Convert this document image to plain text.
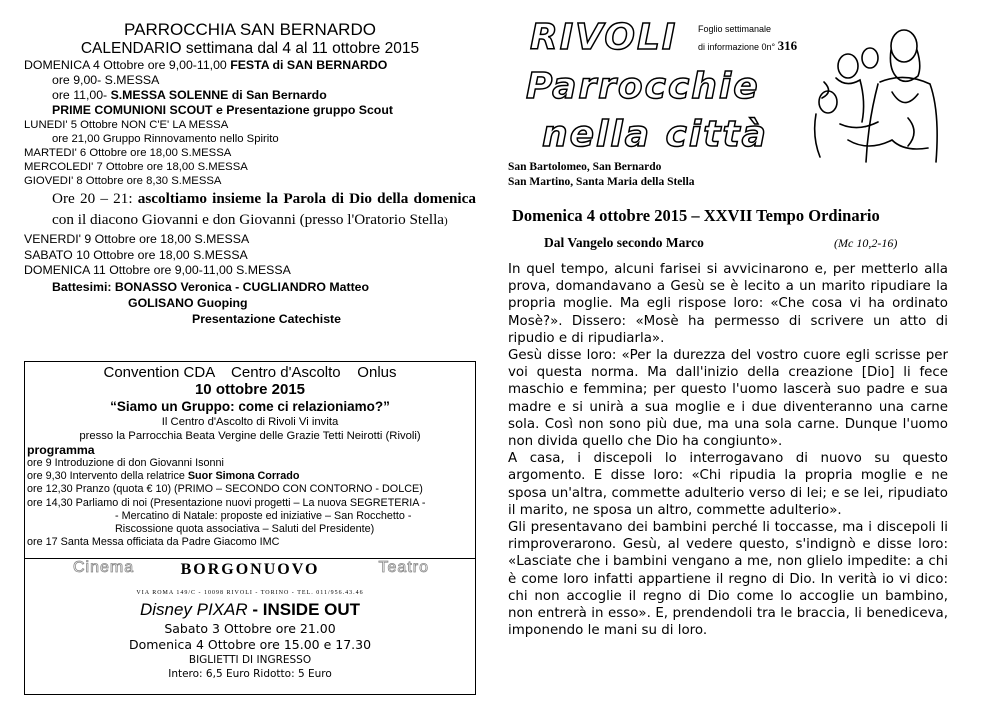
PARROCCHIA SAN BERNARDO
CALENDARIO settimana dal 4 al 11 ottobre 2015
DOMENICA 4 Ottobre ore 9,00-11,00 FESTA di SAN BERNARDO
ore 9,00- S.MESSA
ore 11,00- S.MESSA SOLENNE di San Bernardo
PRIME COMUNIONI SCOUT e Presentazione gruppo Scout
LUNEDI' 5 Ottobre NON C'E' LA MESSA
ore 21,00 Gruppo Rinnovamento nello Spirito
MARTEDI' 6 Ottobre ore 18,00 S.MESSA
MERCOLEDI' 7 Ottobre ore 18,00 S.MESSA
GIOVEDI' 8 Ottobre ore 8,30 S.MESSA
Ore 20 – 21: ascoltiamo insieme la Parola di Dio della domenica con il diacono Giovanni e don Giovanni (presso l'Oratorio Stella)
VENERDI' 9 Ottobre ore 18,00 S.MESSA
SABATO 10 Ottobre ore 18,00 S.MESSA
DOMENICA 11 Ottobre ore 9,00-11,00 S.MESSA
Battesimi: BONASSO Veronica - CUGLIANDRO Matteo
GOLISANO Guoping
Presentazione Catechiste
Convention CDA    Centro d'Ascolto    Onlus
10 ottobre 2015
“Siamo un Gruppo: come ci relazioniamo?”
Il Centro d'Ascolto di Rivoli Vi invita
presso la Parrocchia Beata Vergine delle Grazie Tetti Neirotti (Rivoli)
programma
ore 9 Introduzione di don Giovanni Isonni
ore 9,30 Intervento della relatrice Suor Simona Corrado
ore 12,30 Pranzo (quota € 10) (PRIMO – SECONDO CON CONTORNO - DOLCE)
ore 14,30 Parliamo di noi (Presentazione nuovi progetti – La nuova SEGRETERIA -
- Mercatino di Natale: proposte ed iniziative – San Rocchetto -
Riscossione quota associativa – Saluti del Presidente)
ore 17 Santa Messa officiata da Padre Giacomo IMC
Cinema	BORGONUOVO	Teatro
VIA ROMA 149/C - 10098 RIVOLI - TORINO - TEL. 011/956.43.46
Disney PIXAR - INSIDE OUT
Sabato 3 Ottobre ore 21.00
Domenica 4 Ottobre ore 15.00 e 17.30
BIGLIETTI DI INGRESSO
Intero: 6,5 Euro Ridotto: 5 Euro
RIVOLI Foglio settimanale
di informazione 0n° 316
Parrocchie
nella città
San Bartolomeo, San Bernardo
San Martino, Santa Maria della Stella
Domenica 4 ottobre 2015 – XXVII Tempo Ordinario
Dal Vangelo secondo Marco	(Mc 10,2-16)
In quel tempo, alcuni farisei si avvicinarono e, per metterlo alla prova, domandavano a Gesù se è lecito a un marito ripudiare la propria moglie. Ma egli rispose loro: «Che cosa vi ha ordinato Mosè?». Dissero: «Mosè ha permesso di scrivere un atto di ripudio e di ripudiarla».
Gesù disse loro: «Per la durezza del vostro cuore egli scrisse per voi questa norma. Ma dall'inizio della creazione [Dio] li fece maschio e femmina; per questo l'uomo lascerà suo padre e sua madre e si unirà a sua moglie e i due diventeranno una carne sola. Così non sono più due, ma una sola carne. Dunque l'uomo non divida quello che Dio ha congiunto».
A casa, i discepoli lo interrogavano di nuovo su questo argomento. E disse loro: «Chi ripudia la propria moglie e ne sposa un'altra, commette adulterio verso di lei; e se lei, ripudiato il marito, ne sposa un altro, commette adulterio».
Gli presentavano dei bambini perché li toccasse, ma i discepoli li rimproverarono. Gesù, al vedere questo, s'indignò e disse loro: «Lasciate che i bambini vengano a me, non glielo impedite: a chi è come loro infatti appartiene il regno di Dio. In verità io vi dico: chi non accoglie il regno di Dio come lo accoglie un bambino, non entrerà in esso». E, prendendoli tra le braccia, li benediceva, imponendo le mani su di loro.
